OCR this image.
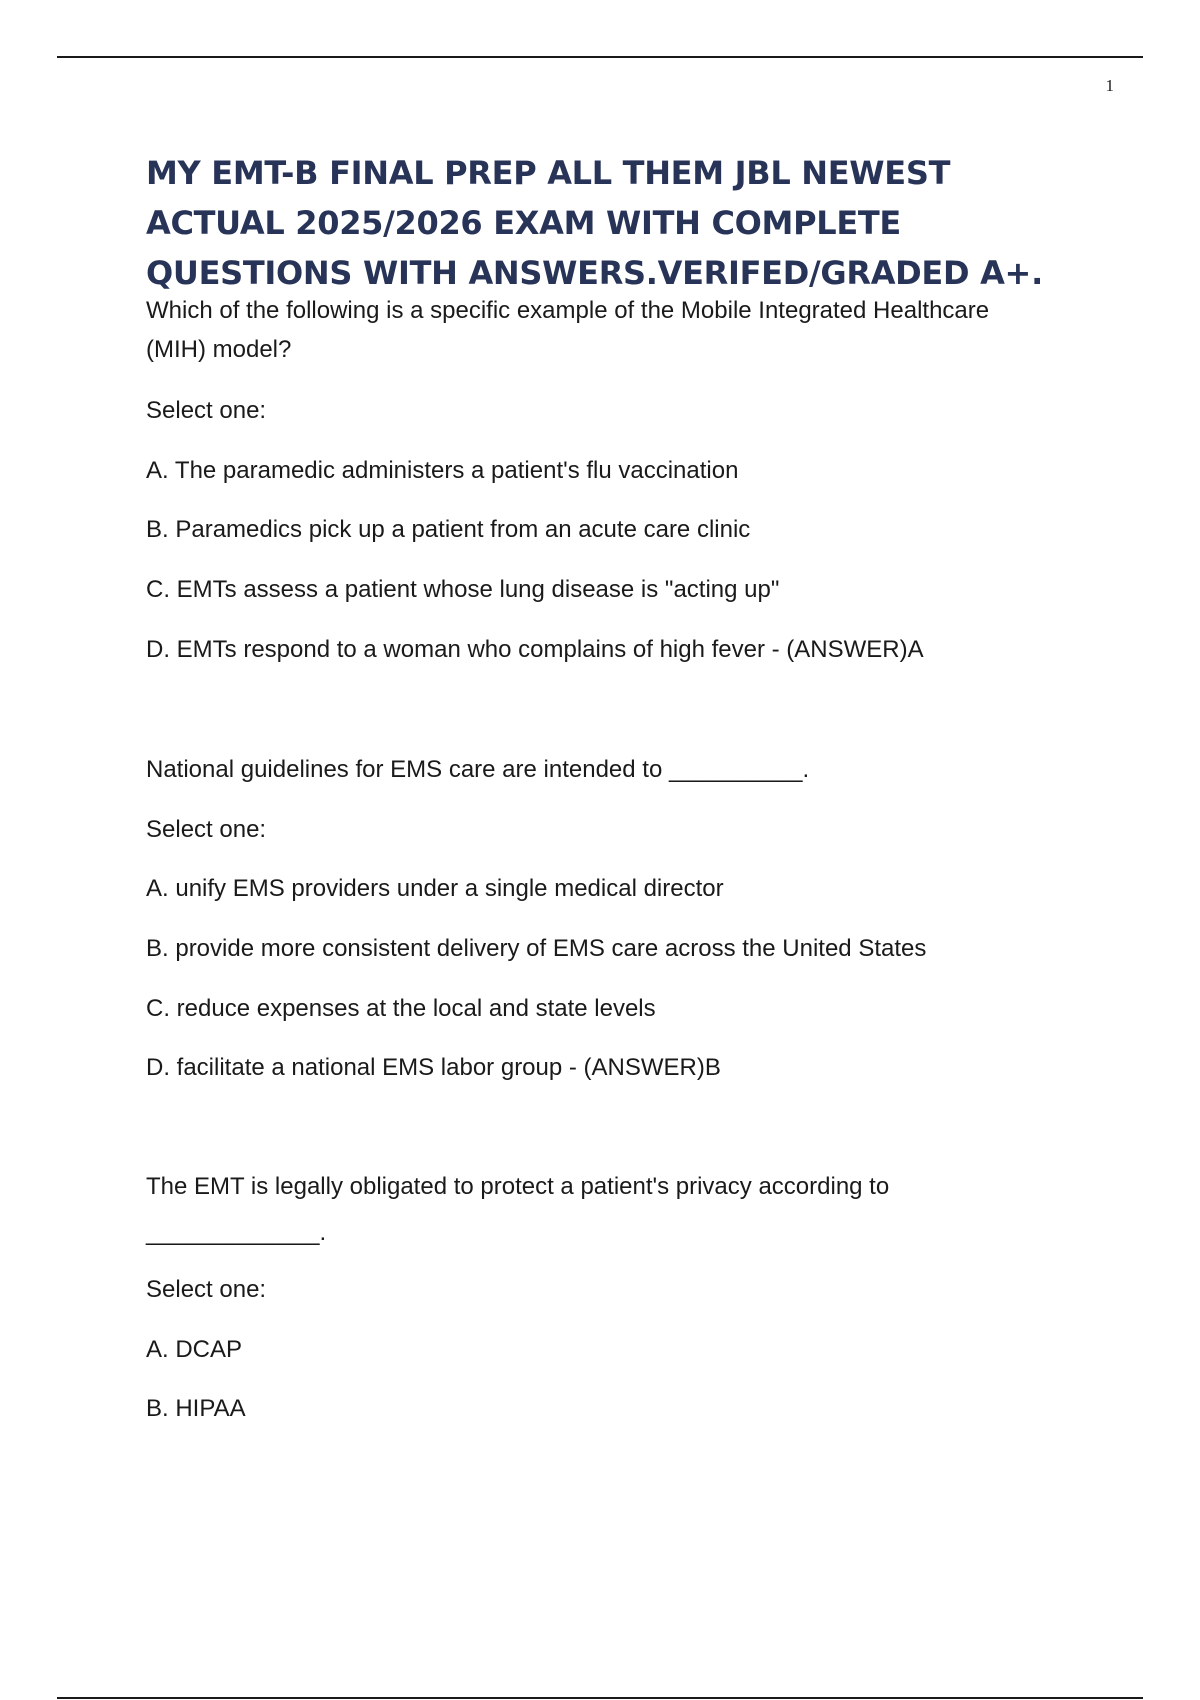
1
MY EMT-B FINAL PREP ALL THEM JBL NEWEST ACTUAL 2025/2026 EXAM WITH COMPLETE QUESTIONS WITH ANSWERS.VERIFED/GRADED A+.

Which of the following is a specific example of the Mobile Integrated Healthcare

(MIH) model?

Select one:

A. The paramedic administers a patient's flu vaccination

B. Paramedics pick up a patient from an acute care clinic

C. EMTs assess a patient whose lung disease is "acting up"

D. EMTs respond to a woman who complains of high fever - (ANSWER)A

National guidelines for EMS care are intended to __________.

Select one:

A. unify EMS providers under a single medical director

B. provide more consistent delivery of EMS care across the United States

C. reduce expenses at the local and state levels

D. facilitate a national EMS labor group - (ANSWER)B

The EMT is legally obligated to protect a patient's privacy according to

_____________.

Select one:

A. DCAP

B. HIPAA
